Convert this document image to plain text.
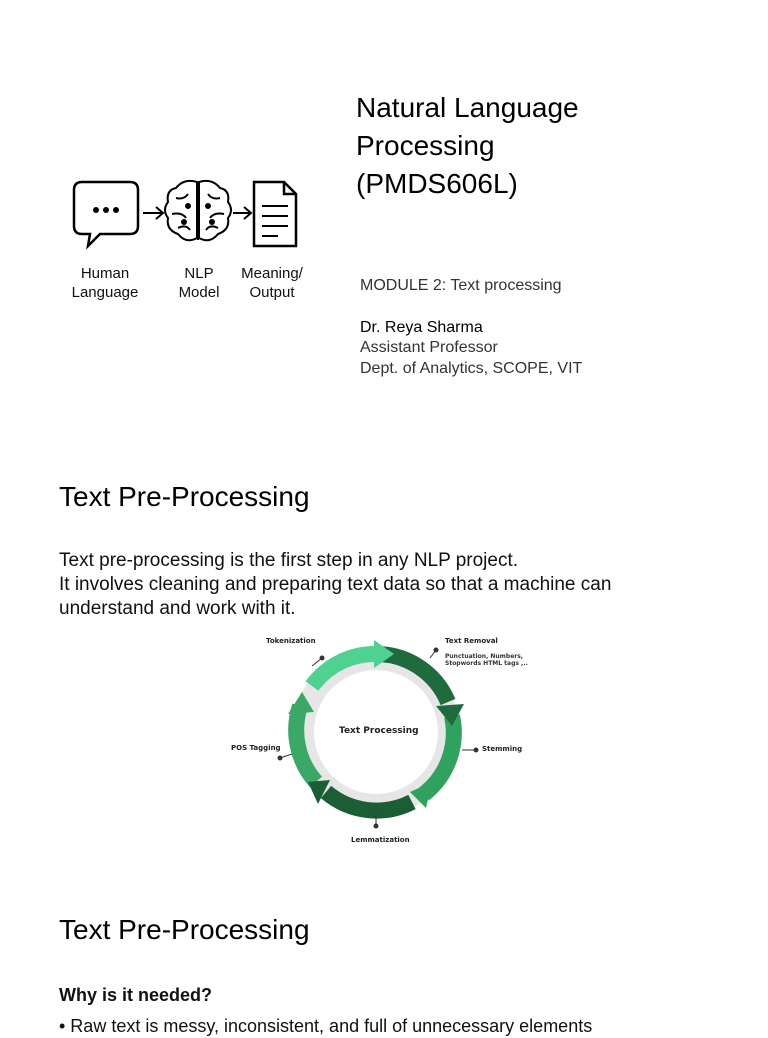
Human
Language
NLP
Model
Meaning/
Output
Natural Language
Processing
(PMDS606L)
MODULE 2: Text processing
Dr. Reya Sharma
Assistant Professor
Dept. of Analytics, SCOPE, VIT
Text Pre-Processing
Text pre-processing is the first step in any NLP project.
It involves cleaning and preparing text data so that a machine can
understand and work with it.
Text Processing
Tokenization	Text Removal
Punctuation, Numbers,
Stopwords HTML tags ,..
Stemming
Lemmatization
POS Tagging
Text Pre-Processing
Why is it needed?
• Raw text is messy, inconsistent, and full of unnecessary elements
